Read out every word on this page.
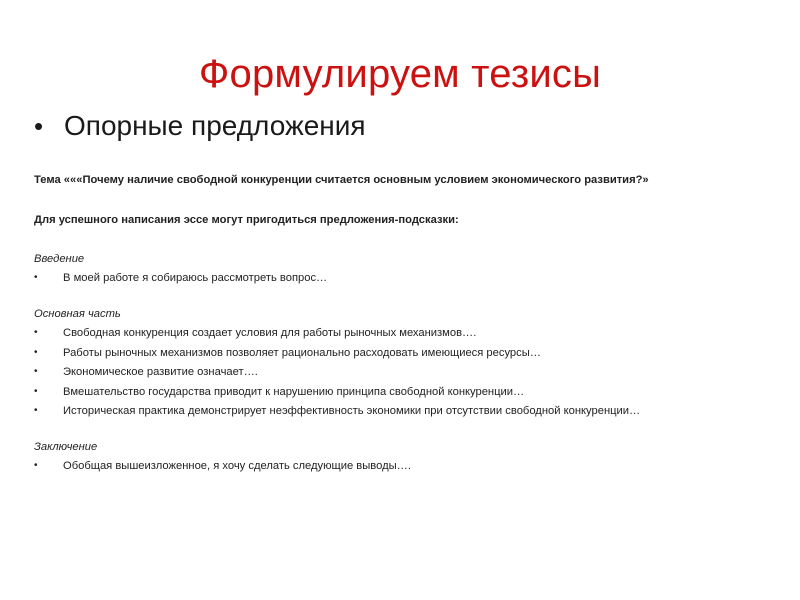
Формулируем тезисы
• Опорные предложения

Тема «««Почему наличие свободной конкуренции считается основным условием экономического развития?»

Для успешного написания эссе могут пригодиться предложения-подсказки:

Введение
•	В моей работе я собираюсь рассмотреть вопрос…
Основная часть
•	Свободная конкуренция создает условия для работы рыночных механизмов….
•	Работы рыночных механизмов позволяет рационально расходовать имеющиеся ресурсы…
•	Экономическое развитие означает….
•	Вмешательство государства приводит к нарушению принципа свободной конкуренции…
•	Историческая практика демонстрирует неэффективность экономики при отсутствии свободной конкуренции…
Заключение
•	Обобщая вышеизложенное, я хочу сделать следующие выводы….
